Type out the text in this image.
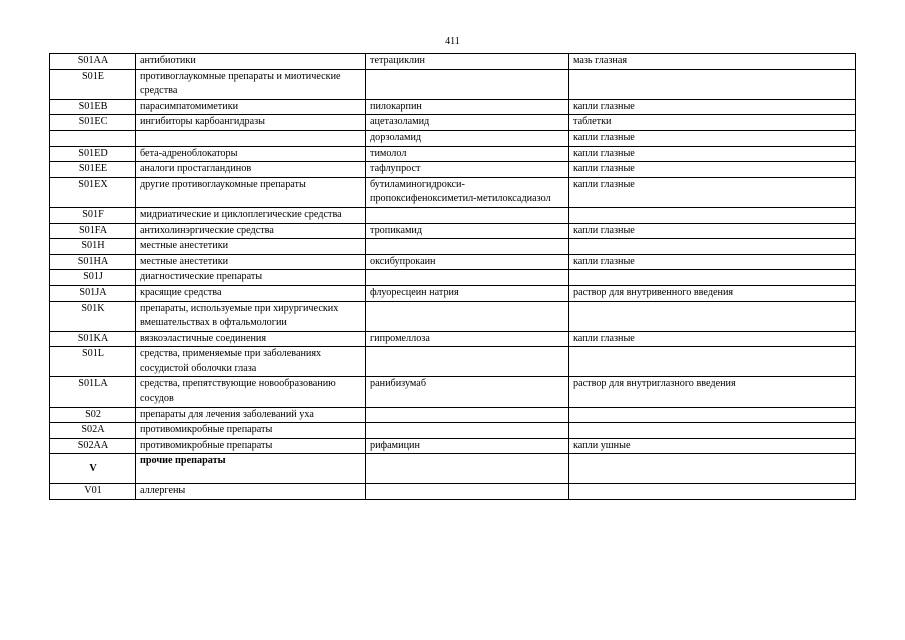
411
S01AA	антибиотики	тетрациклин	мазь глазная
S01E	противоглаукомные препараты и миотические средства		
S01EB	парасимпатомиметики	пилокарпин	капли глазные
S01EC	ингибиторы карбоангидразы	ацетазоламид	таблетки
		дорзоламид	капли глазные
S01ED	бета-адреноблокаторы	тимолол	капли глазные
S01EE	аналоги простагландинов	тафлупрост	капли глазные
S01EX	другие противоглаукомные препараты	бутиламиногидрокси-пропоксифеноксиметил-метилоксадиазол	капли глазные
S01F	мидриатические и циклоплегические средства		
S01FA	антихолинэргические средства	тропикамид	капли глазные
S01H	местные анестетики		
S01HA	местные анестетики	оксибупрокаин	капли глазные
S01J	диагностические препараты		
S01JA	красящие средства	флуоресцеин натрия	раствор для внутривенного введения
S01K	препараты, используемые при хирургических вмешательствах в офтальмологии		
S01KA	вязкоэластичные соединения	гипромеллоза	капли глазные
S01L	средства, применяемые при заболеваниях сосудистой оболочки глаза		
S01LA	средства, препятствующие новообразованию сосудов	ранибизумаб	раствор для внутриглазного введения
S02	препараты для лечения заболеваний уха		
S02A	противомикробные препараты		
S02AA	противомикробные препараты	рифамицин	капли ушные
V	прочие препараты		
V01	аллергены		
